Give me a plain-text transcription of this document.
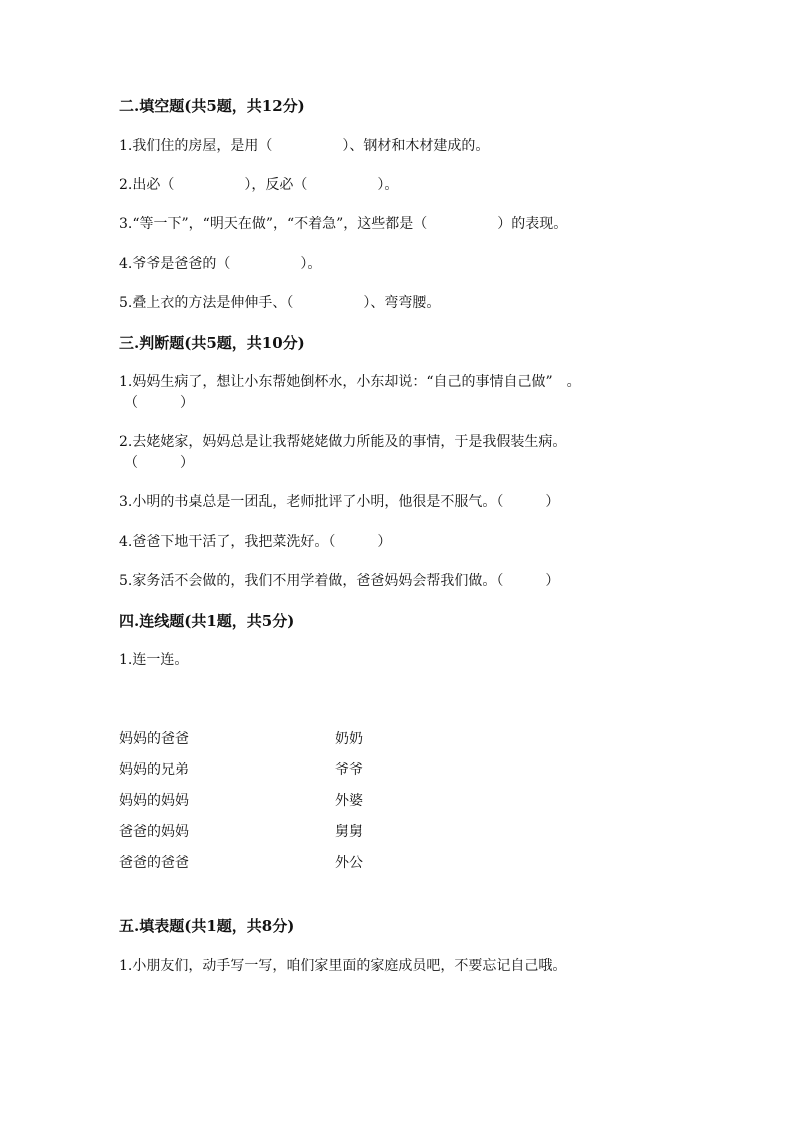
二.填空题(共5题，共12分)
1.我们住的房屋，是用（　　　　　）、钢材和木材建成的。
2.出必（　　　　　），反必（　　　　　）。
3.“等一下”，“明天在做”，“不着急”，这些都是（　　　　　）的表现。
4.爷爷是爸爸的（　　　　　）。
5.叠上衣的方法是伸伸手、（　　　　　）、弯弯腰。
三.判断题(共5题，共10分)
1.妈妈生病了，想让小东帮她倒杯水，小东却说：“自己的事情自己做”　。
（　　　）
2.去姥姥家，妈妈总是让我帮姥姥做力所能及的事情，于是我假装生病。
（　　　）
3.小明的书桌总是一团乱，老师批评了小明，他很是不服气。（　　　）
4.爸爸下地干活了，我把菜洗好。（　　　）
5.家务活不会做的，我们不用学着做，爸爸妈妈会帮我们做。（　　　）
四.连线题(共1题，共5分)
1.连一连。
妈妈的爸爸
妈妈的兄弟
妈妈的妈妈
爸爸的妈妈
爸爸的爸爸
奶奶
爷爷
外婆
舅舅
外公
五.填表题(共1题，共8分)
1.小朋友们，动手写一写，咱们家里面的家庭成员吧，不要忘记自己哦。
